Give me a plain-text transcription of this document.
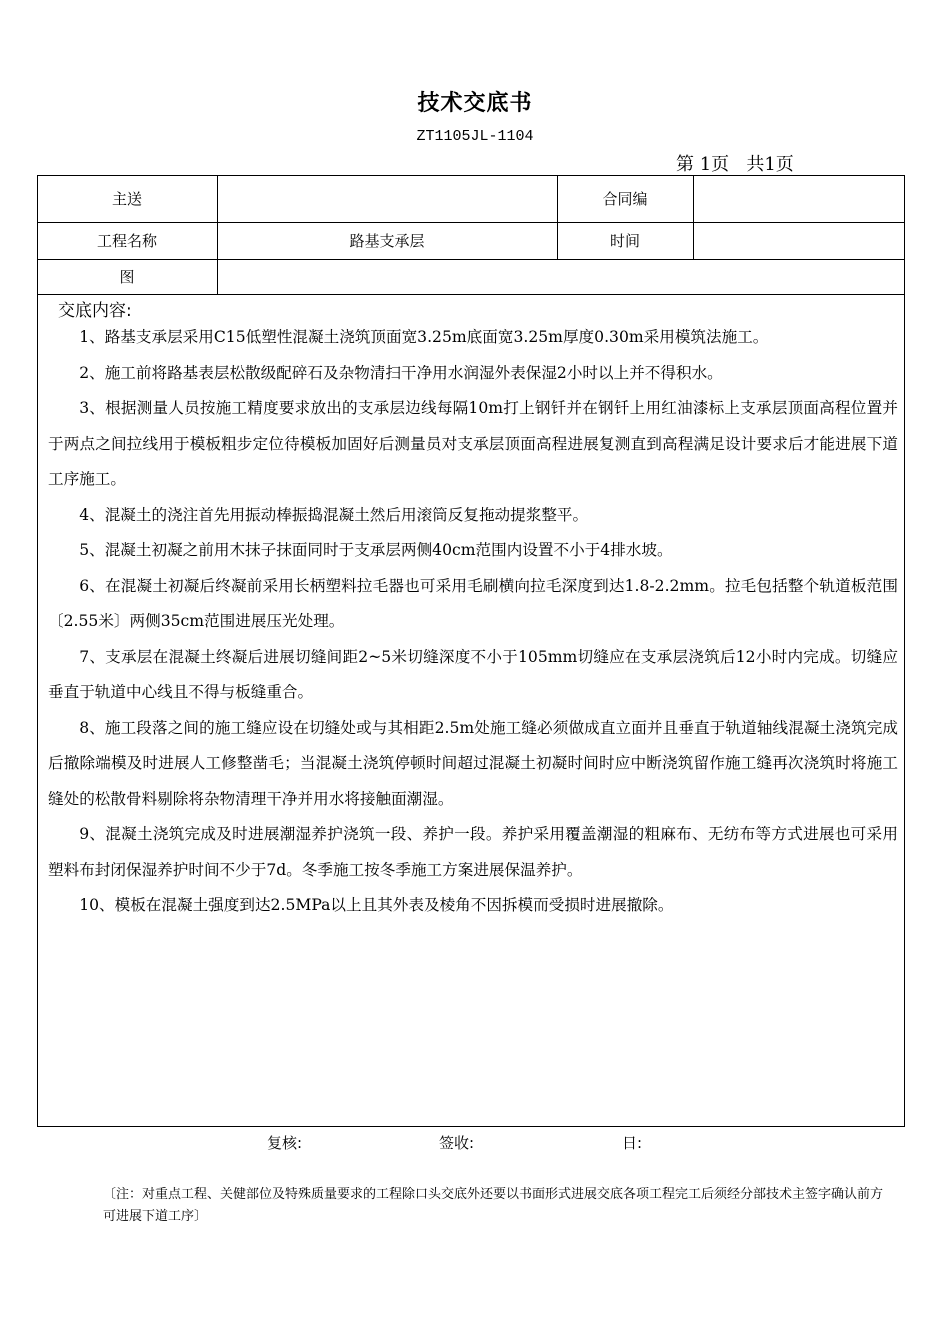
技术交底书
ZT1105JL-1104
第 1页   共1页
主送	合同编
工程名称	路基支承层	时间
图
交底内容:

1、路基支承层采用C15低塑性混凝土浇筑顶面宽3.25m底面宽3.25m厚度0.30m采用模筑法施工。

2、施工前将路基表层松散级配碎石及杂物清扫干净用水润湿外表保湿2小时以上并不得积水。

3、根据测量人员按施工精度要求放出的支承层边线每隔10m打上钢钎并在钢钎上用红油漆标上支承层顶面高程位置并于两点之间拉线用于模板粗步定位待模板加固好后测量员对支承层顶面高程进展复测直到高程满足设计要求后才能进展下道工序施工。

4、混凝土的浇注首先用振动棒振捣混凝土然后用滚筒反复拖动提浆整平。

5、混凝土初凝之前用木抹子抹面同时于支承层两侧40cm范围内设置不小于4排水坡。

6、在混凝土初凝后终凝前采用长柄塑料拉毛器也可采用毛刷横向拉毛深度到达1.8-2.2mm。拉毛包括整个轨道板范围〔2.55米〕两侧35cm范围进展压光处理。

7、支承层在混凝土终凝后进展切缝间距2~5米切缝深度不小于105mm切缝应在支承层浇筑后12小时内完成。切缝应垂直于轨道中心线且不得与板缝重合。

8、施工段落之间的施工缝应设在切缝处或与其相距2.5m处施工缝必须做成直立面并且垂直于轨道轴线混凝土浇筑完成后撤除端模及时进展人工修整凿毛；当混凝土浇筑停顿时间超过混凝土初凝时间时应中断浇筑留作施工缝再次浇筑时将施工缝处的松散骨料剔除将杂物清理干净并用水将接触面潮湿。

9、混凝土浇筑完成及时进展潮湿养护浇筑一段、养护一段。养护采用覆盖潮湿的粗麻布、无纺布等方式进展也可采用塑料布封闭保湿养护时间不少于7d。冬季施工按冬季施工方案进展保温养护。

10、模板在混凝土强度到达2.5MPa以上且其外表及棱角不因拆模而受损时进展撤除。

复核:	签收:	日:
〔注：对重点工程、关健部位及特殊质量要求的工程除口头交底外还要以书面形式进展交底各项工程完工后须经分部技术主签字确认前方可进展下道工序〕
